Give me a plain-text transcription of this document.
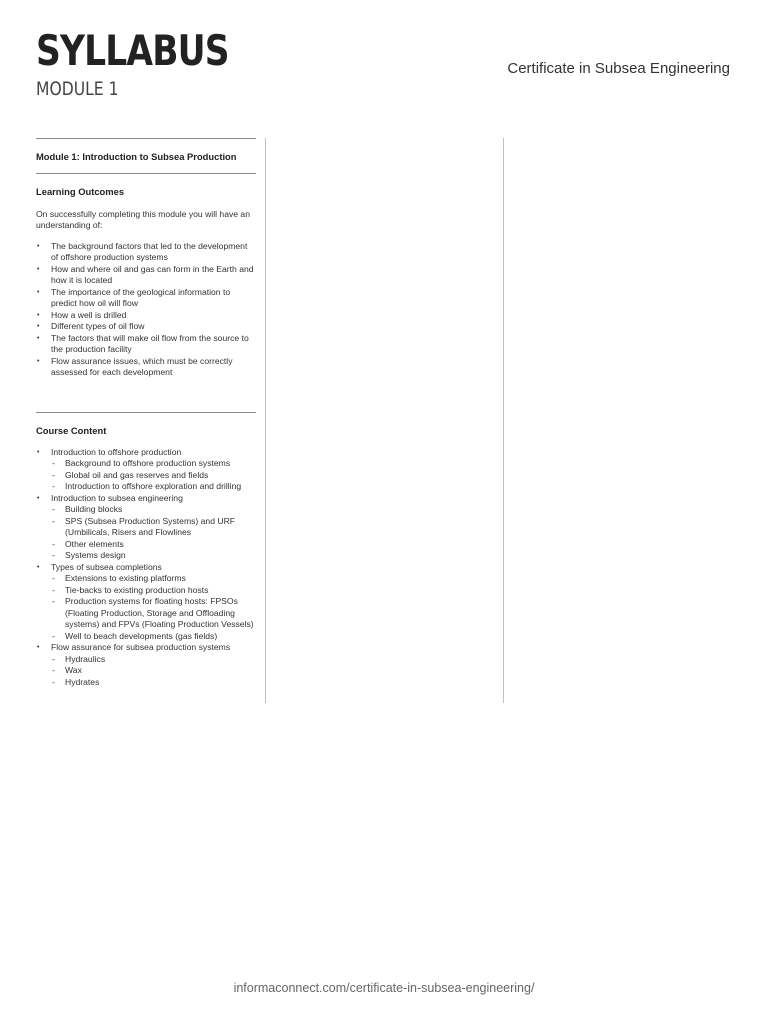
SYLLABUS
MODULE 1
Certificate in Subsea Engineering
Module 1: Introduction to Subsea Production
Learning Outcomes

On successfully completing this module you will have an understanding of:

• The background factors that led to the development of offshore production systems
• How and where oil and gas can form in the Earth and how it is located
• The importance of the geological information to predict how oil will flow
• How a well is drilled
• Different types of oil flow
• The factors that will make oil flow from the source to the production facility
• Flow assurance issues, which must be correctly assessed for each development
Course Content
• Introduction to offshore production
- Background to offshore production systems
- Global oil and gas reserves and fields
- Introduction to offshore exploration and drilling
• Introduction to subsea engineering
- Building blocks
- SPS (Subsea Production Systems) and URF (Umbilicals, Risers and Flowlines
- Other elements
- Systems design
• Types of subsea completions
- Extensions to existing platforms
- Tie-backs to existing production hosts
- Production systems for floating hosts: FPSOs (Floating Production, Storage and Offloading systems) and FPVs (Floating Production Vessels)
- Well to beach developments (gas fields)
• Flow assurance for subsea production systems
- Hydraulics
- Wax
- Hydrates
informaconnect.com/certificate-in-subsea-engineering/
